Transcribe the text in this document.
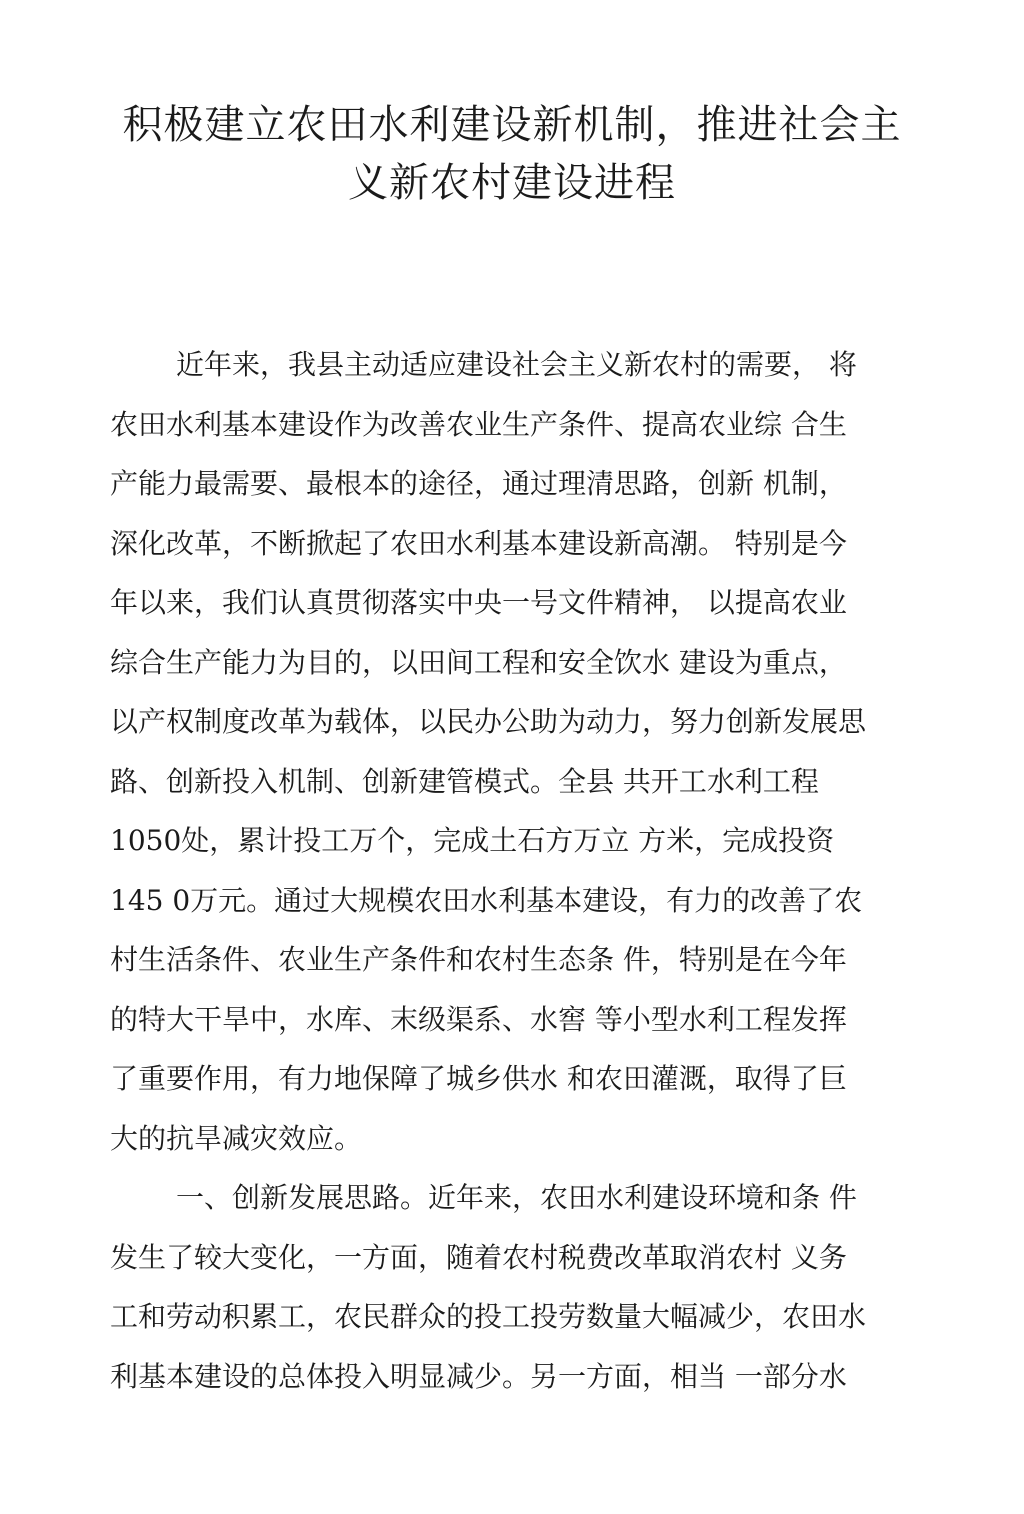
积极建立农田水利建设新机制，推进社会主
义新农村建设进程

近年来，我县主动适应建设社会主义新农村的需要， 将
农田水利基本建设作为改善农业生产条件、提高农业综 合生
产能力最需要、最根本的途径，通过理清思路，创新 机制，
深化改革，不断掀起了农田水利基本建设新高潮。 特别是今
年以来，我们认真贯彻落实中央一号文件精神， 以提高农业
综合生产能力为目的，以田间工程和安全饮水 建设为重点，
以产权制度改革为载体，以民办公助为动力，努力创新发展思
路、创新投入机制、创新建管模式。全县 共开工水利工程
1050处，累计投工万个，完成土石方万立 方米，完成投资
145 0万元。通过大规模农田水利基本建设，有力的改善了农
村生活条件、农业生产条件和农村生态条 件，特别是在今年
的特大干旱中，水库、末级渠系、水窖 等小型水利工程发挥
了重要作用，有力地保障了城乡供水 和农田灌溉，取得了巨
大的抗旱减灾效应。

一、创新发展思路。近年来，农田水利建设环境和条 件
发生了较大变化，一方面，随着农村税费改革取消农村 义务
工和劳动积累工，农民群众的投工投劳数量大幅减少，农田水
利基本建设的总体投入明显减少。另一方面，相当 一部分水
